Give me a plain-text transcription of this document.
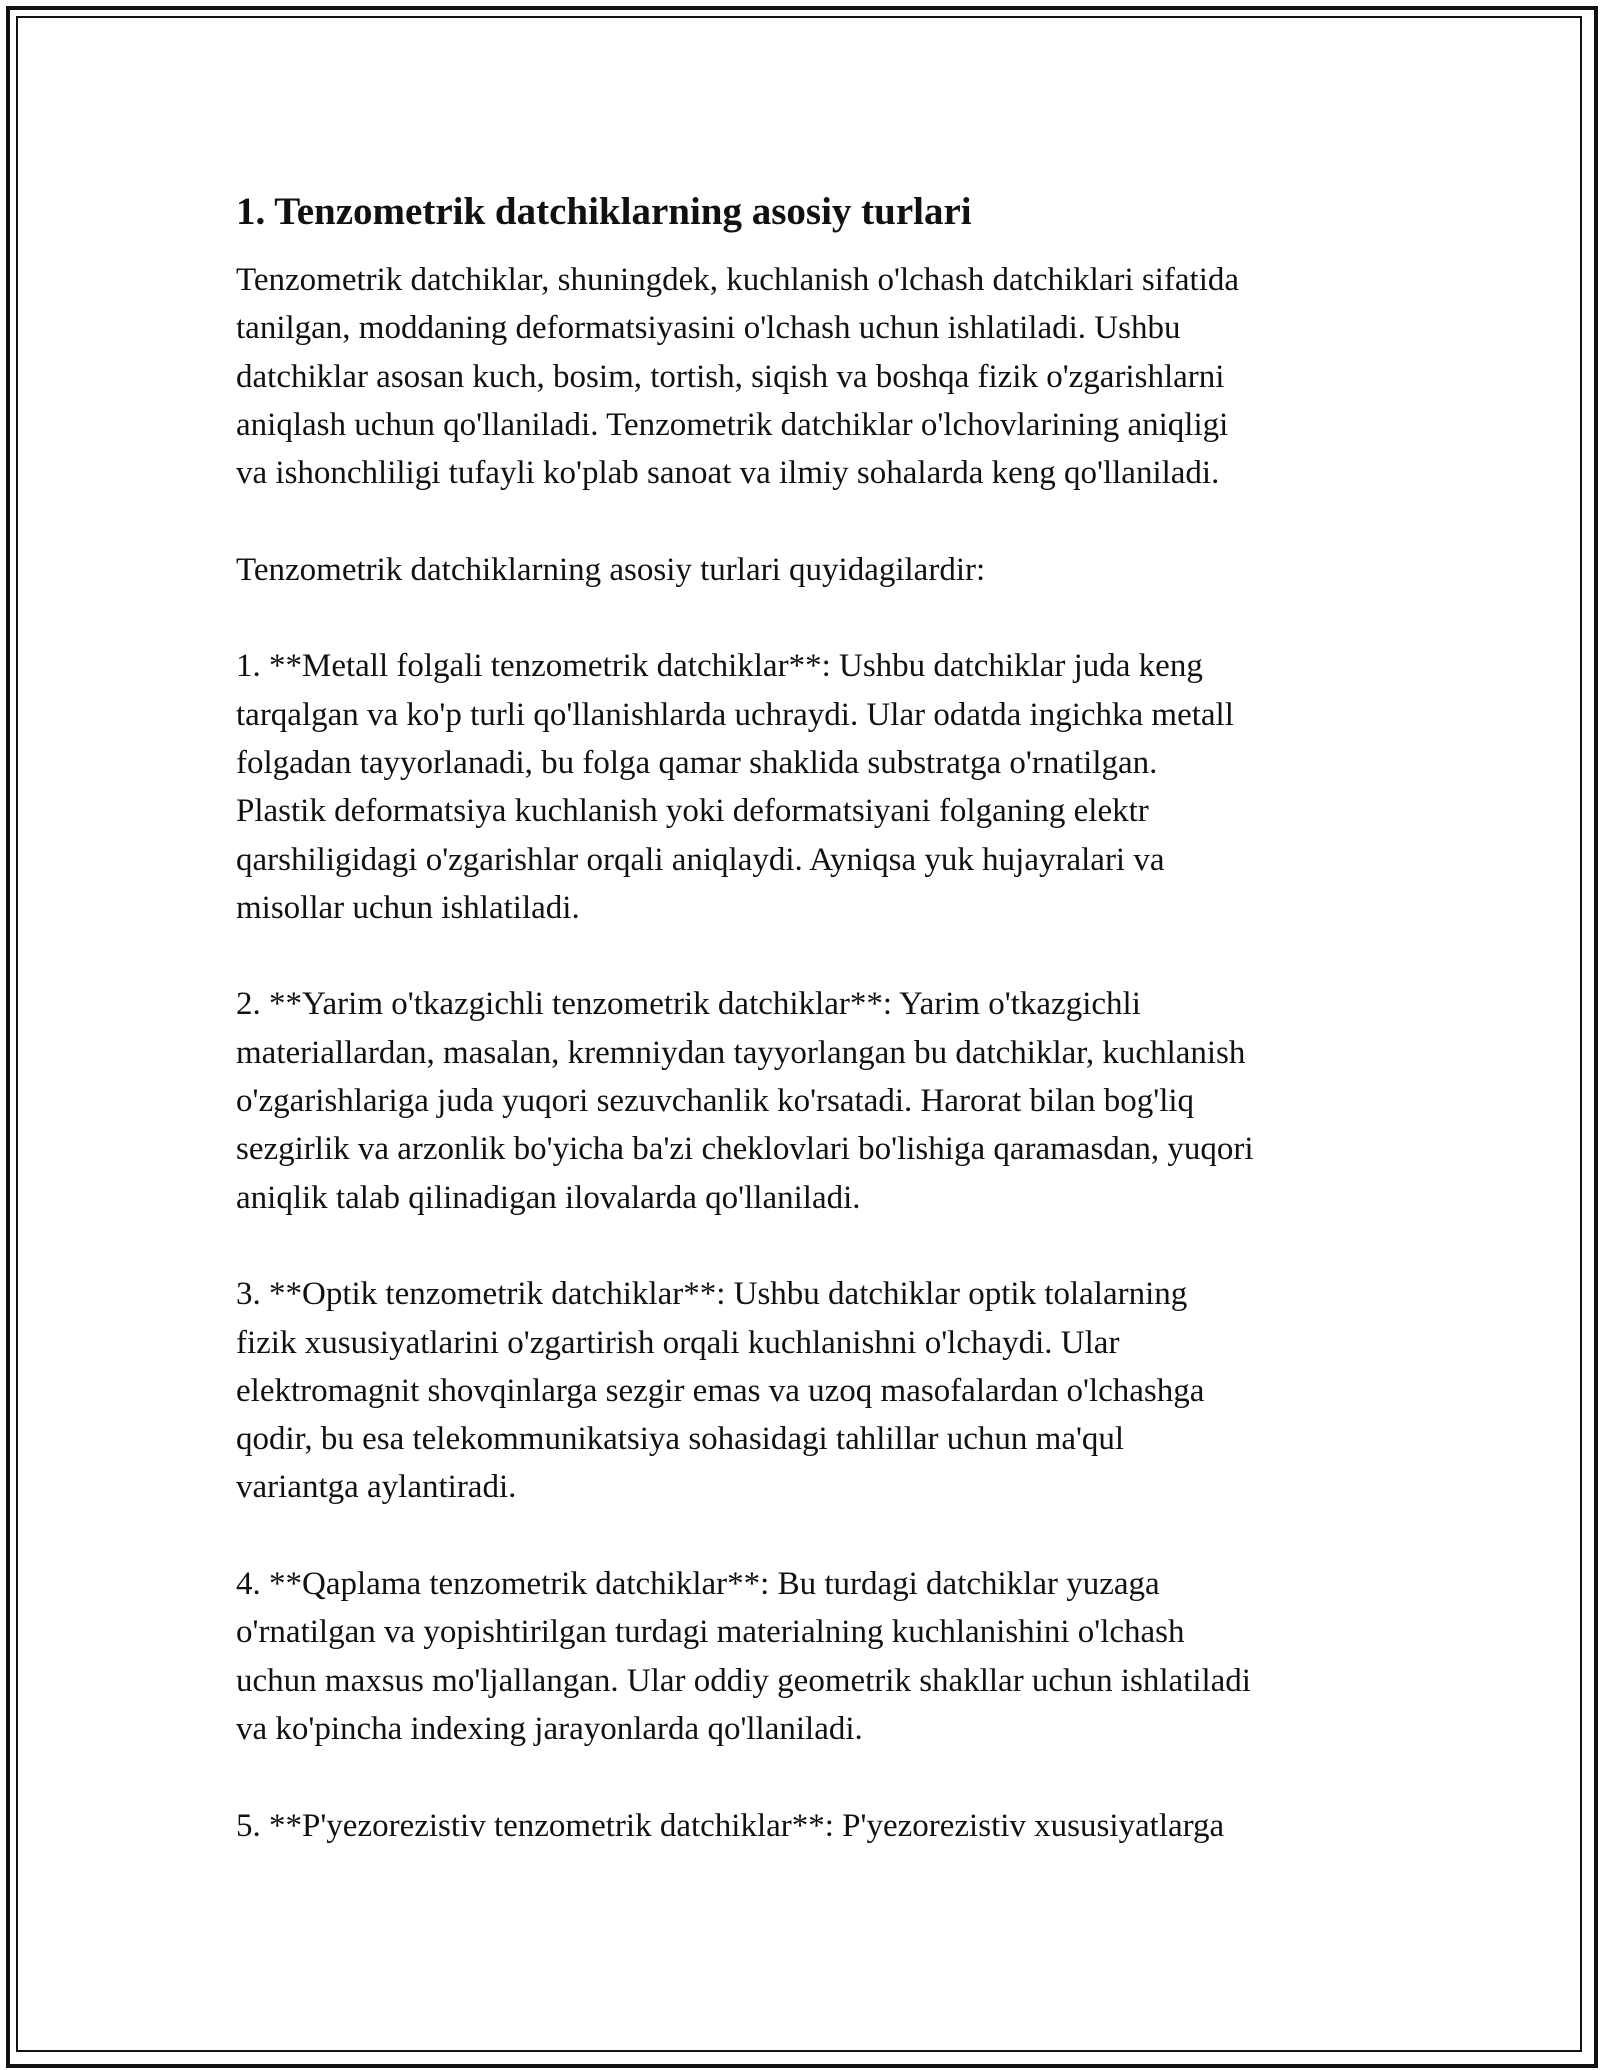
1. Tenzometrik datchiklarning asosiy turlari

Tenzometrik datchiklar, shuningdek, kuchlanish o'lchash datchiklari sifatida
tanilgan, moddaning deformatsiyasini o'lchash uchun ishlatiladi. Ushbu
datchiklar asosan kuch, bosim, tortish, siqish va boshqa fizik o'zgarishlarni
aniqlash uchun qo'llaniladi. Tenzometrik datchiklar o'lchovlarining aniqligi
va ishonchliligi tufayli ko'plab sanoat va ilmiy sohalarda keng qo'llaniladi.

Tenzometrik datchiklarning asosiy turlari quyidagilardir:

1. **Metall folgali tenzometrik datchiklar**: Ushbu datchiklar juda keng
tarqalgan va ko'p turli qo'llanishlarda uchraydi. Ular odatda ingichka metall
folgadan tayyorlanadi, bu folga qamar shaklida substratga o'rnatilgan.
Plastik deformatsiya kuchlanish yoki deformatsiyani folganing elektr
qarshiligidagi o'zgarishlar orqali aniqlaydi. Ayniqsa yuk hujayralari va
misollar uchun ishlatiladi.

2. **Yarim o'tkazgichli tenzometrik datchiklar**: Yarim o'tkazgichli
materiallardan, masalan, kremniydan tayyorlangan bu datchiklar, kuchlanish
o'zgarishlariga juda yuqori sezuvchanlik ko'rsatadi. Harorat bilan bog'liq
sezgirlik va arzonlik bo'yicha ba'zi cheklovlari bo'lishiga qaramasdan, yuqori
aniqlik talab qilinadigan ilovalarda qo'llaniladi.

3. **Optik tenzometrik datchiklar**: Ushbu datchiklar optik tolalarning
fizik xususiyatlarini o'zgartirish orqali kuchlanishni o'lchaydi. Ular
elektromagnit shovqinlarga sezgir emas va uzoq masofalardan o'lchashga
qodir, bu esa telekommunikatsiya sohasidagi tahlillar uchun ma'qul
variantga aylantiradi.

4. **Qaplama tenzometrik datchiklar**: Bu turdagi datchiklar yuzaga
o'rnatilgan va yopishtirilgan turdagi materialning kuchlanishini o'lchash
uchun maxsus mo'ljallangan. Ular oddiy geometrik shakllar uchun ishlatiladi
va ko'pincha indexing jarayonlarda qo'llaniladi.

5. **P'yezorezistiv tenzometrik datchiklar**: P'yezorezistiv xususiyatlarga
